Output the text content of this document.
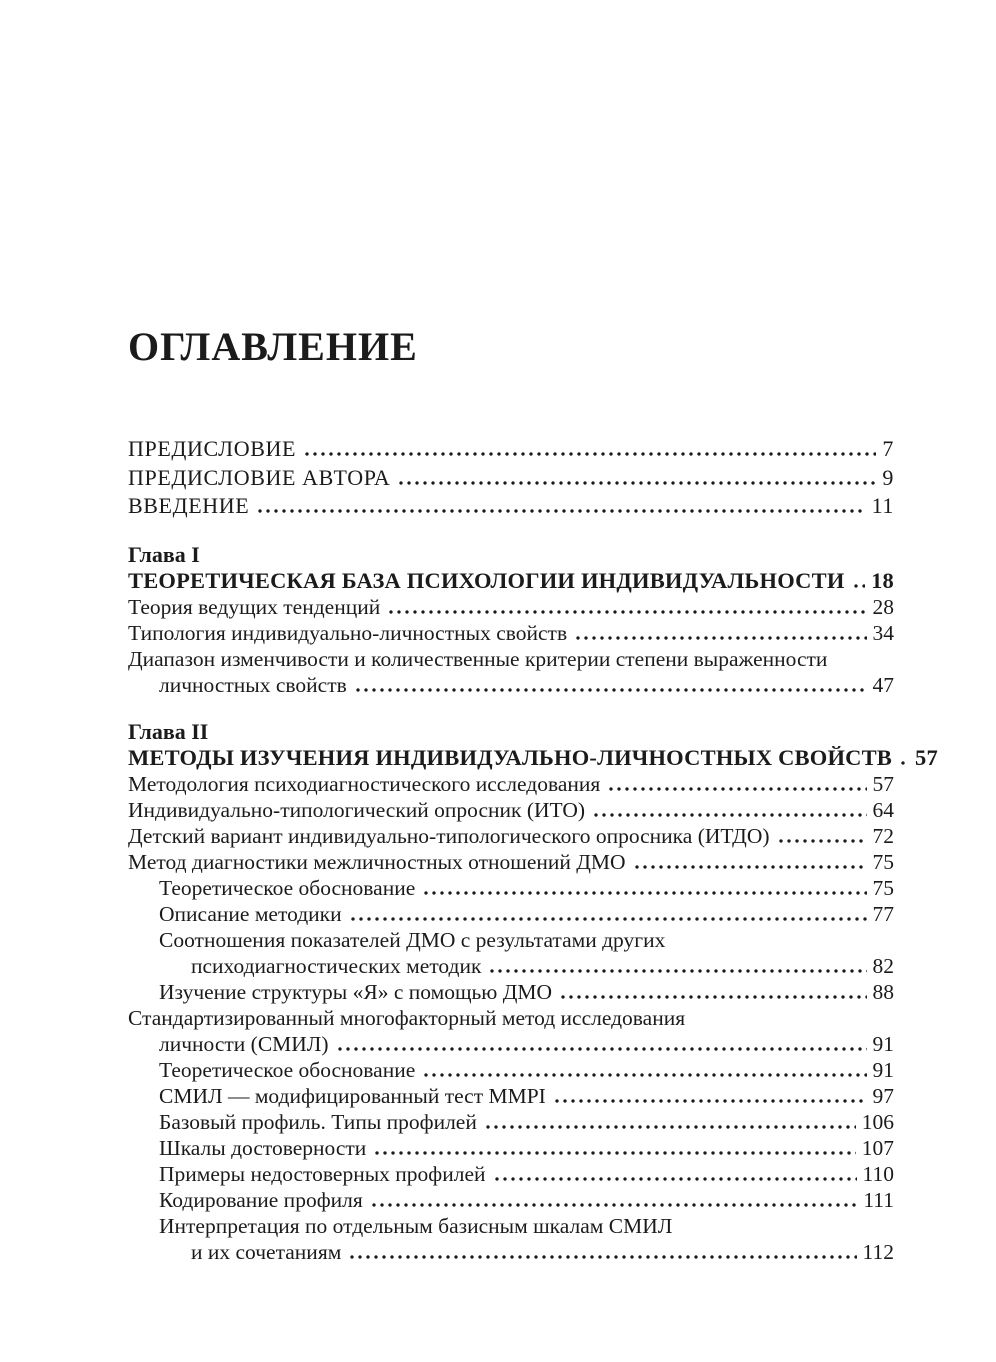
ОГЛАВЛЕНИЕ
ПРЕДИСЛОВИЕ	7
ПРЕДИСЛОВИЕ АВТОРА	9
ВВЕДЕНИЕ	11
Глава I
ТЕОРЕТИЧЕСКАЯ БАЗА ПСИХОЛОГИИ ИНДИВИДУАЛЬНОСТИ 18
Теория ведущих тенденций	28
Типология индивидуально-личностных свойств	34
Диапазон изменчивости и количественные критерии степени выраженности
личностных свойств	47
Глава II
МЕТОДЫ ИЗУЧЕНИЯ ИНДИВИДУАЛЬНО-ЛИЧНОСТНЫХ СВОЙСТВ 57
Методология психодиагностического исследования	57
Индивидуально-типологический опросник (ИТО)	64
Детский вариант индивидуально-типологического опросника (ИТДО)	72
Метод диагностики межличностных отношений ДМО	75
Теоретическое обоснование	75
Описание методики	77
Соотношения показателей ДМО с результатами других
психодиагностических методик	82
Изучение структуры «Я» с помощью ДМО	88
Стандартизированный многофакторный метод исследования
личности (СМИЛ)	91
Теоретическое обоснование	91
СМИЛ — модифицированный тест MMPI	97
Базовый профиль. Типы профилей	106
Шкалы достоверности	107
Примеры недостоверных профилей	110
Кодирование профиля	111
Интерпретация по отдельным базисным шкалам СМИЛ
и их сочетаниям	112
